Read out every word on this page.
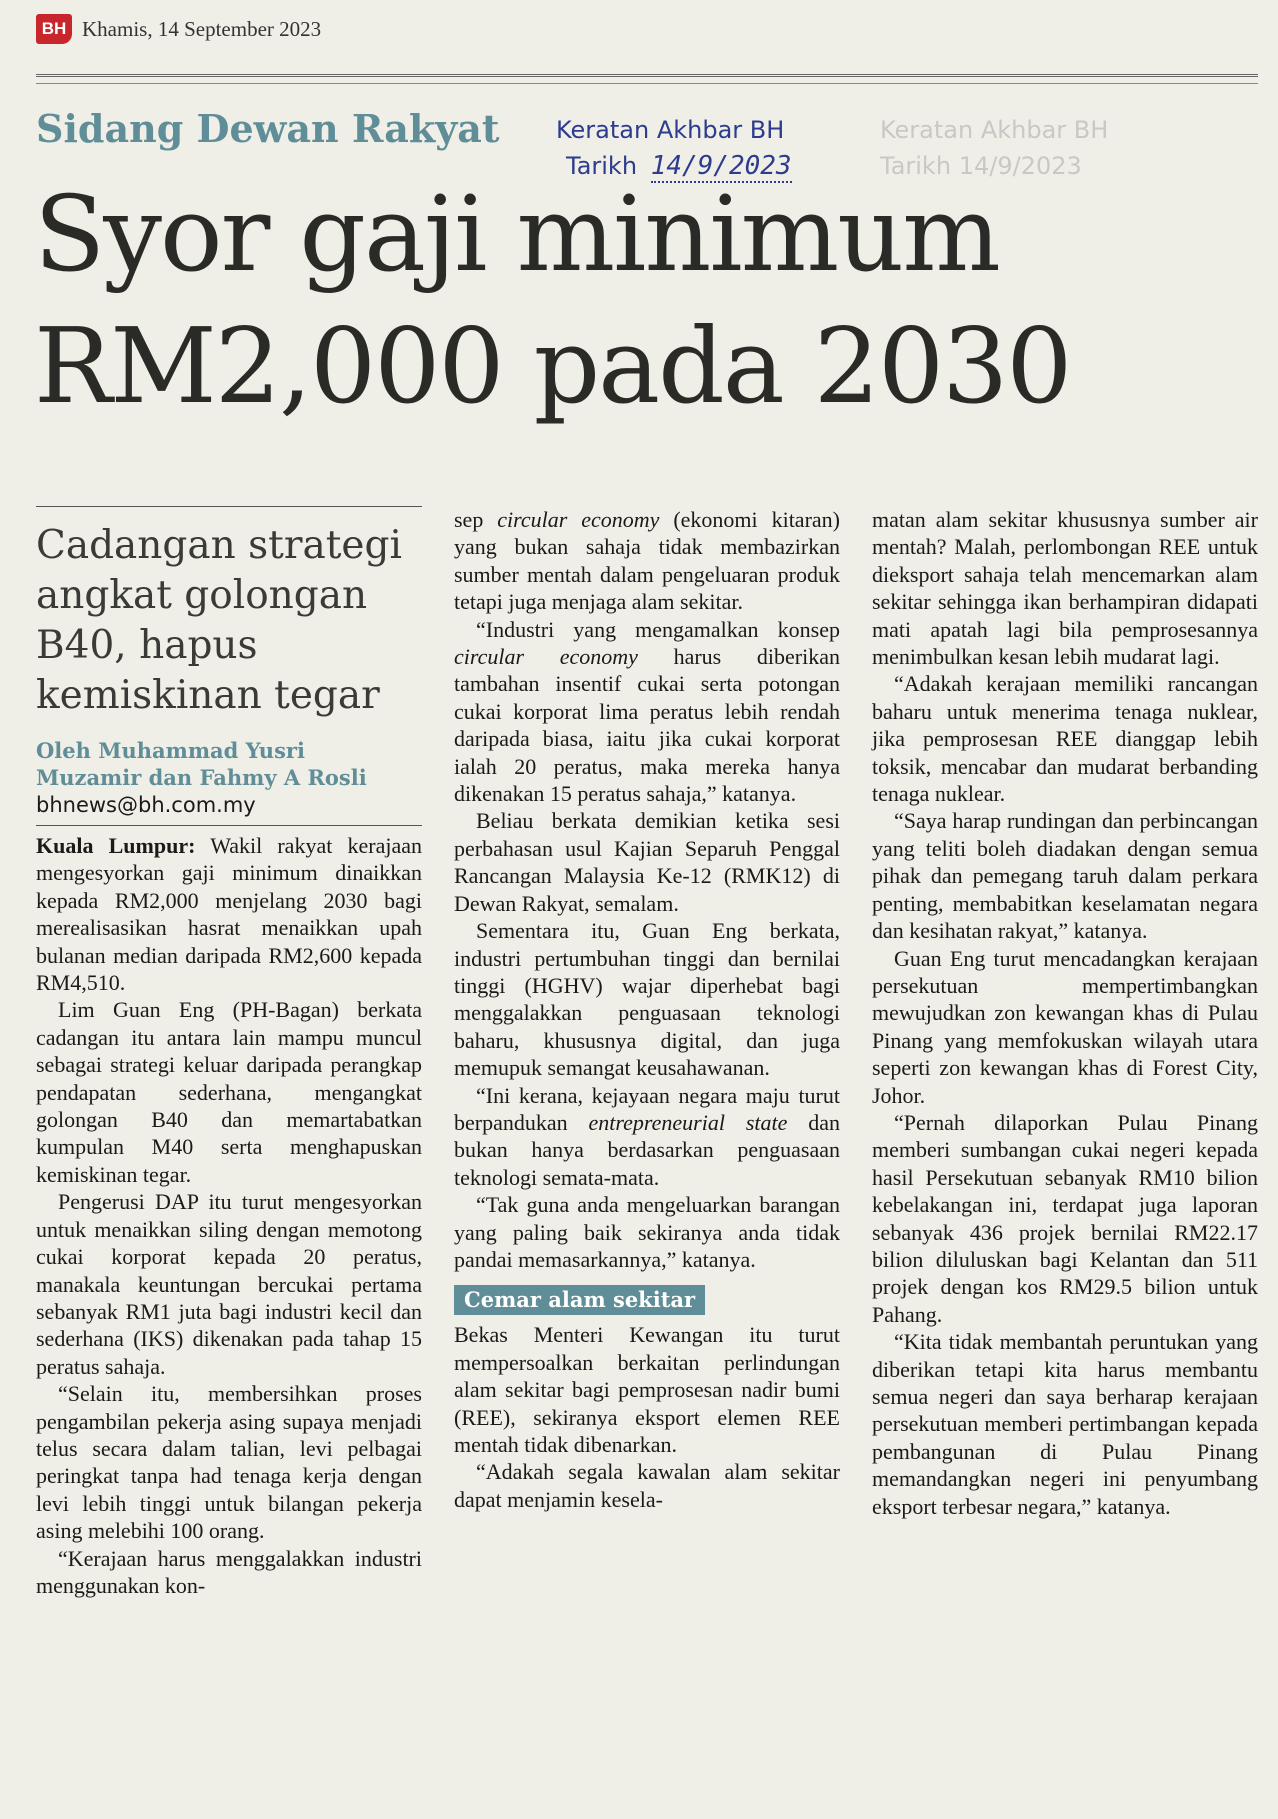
BH Khamis, 14 September 2023
Sidang Dewan Rakyat Keratan Akhbar BH
Tarikh 14/9/2023
Keratan Akhbar BH
Tarikh 14/9/2023
Syor gaji minimum
RM2,000 pada 2030
Cadangan strategi angkat golongan B40, hapus kemiskinan tegar
Oleh Muhammad Yusri
Muzamir dan Fahmy A Rosli
bhnews@bh.com.my

Kuala Lumpur: Wakil rakyat kerajaan mengesyorkan gaji minimum dinaikkan kepada RM2,000 menjelang 2030 bagi merealisasikan hasrat menaikkan upah bulanan median daripada RM2,600 kepada RM4,510.

Lim Guan Eng (PH-Bagan) berkata cadangan itu antara lain mampu muncul sebagai strategi keluar daripada perangkap pendapatan sederhana, mengangkat golongan B40 dan memartabatkan kumpulan M40 serta menghapuskan kemiskinan tegar.

Pengerusi DAP itu turut mengesyorkan untuk menaikkan siling dengan memotong cukai korporat kepada 20 peratus, manakala keuntungan bercukai pertama sebanyak RM1 juta bagi industri kecil dan sederhana (IKS) dikenakan pada tahap 15 peratus sahaja.

“Selain itu, membersihkan proses pengambilan pekerja asing supaya menjadi telus secara dalam talian, levi pelbagai peringkat tanpa had tenaga kerja dengan levi lebih tinggi untuk bilangan pekerja asing melebihi 100 orang.

“Kerajaan harus menggalakkan industri menggunakan kon-

sep circular economy (ekonomi kitaran) yang bukan sahaja tidak membazirkan sumber mentah dalam pengeluaran produk tetapi juga menjaga alam sekitar.

“Industri yang mengamalkan konsep circular economy harus diberikan tambahan insentif cukai serta potongan cukai korporat lima peratus lebih rendah daripada biasa, iaitu jika cukai korporat ialah 20 peratus, maka mereka hanya dikenakan 15 peratus sahaja,” katanya.

Beliau berkata demikian ketika sesi perbahasan usul Kajian Separuh Penggal Rancangan Malaysia Ke-12 (RMK12) di Dewan Rakyat, semalam.

Sementara itu, Guan Eng berkata, industri pertumbuhan tinggi dan bernilai tinggi (HGHV) wajar diperhebat bagi menggalakkan penguasaan teknologi baharu, khususnya digital, dan juga memupuk semangat keusahawanan.

“Ini kerana, kejayaan negara maju turut berpandukan entrepreneurial state dan bukan hanya berdasarkan penguasaan teknologi semata-mata.

“Tak guna anda mengeluarkan barangan yang paling baik sekiranya anda tidak pandai memasarkannya,” katanya.

Cemar alam sekitar

Bekas Menteri Kewangan itu turut mempersoalkan berkaitan perlindungan alam sekitar bagi pemprosesan nadir bumi (REE), sekiranya eksport elemen REE mentah tidak dibenarkan.

“Adakah segala kawalan alam sekitar dapat menjamin kesela-

matan alam sekitar khususnya sumber air mentah? Malah, perlombongan REE untuk dieksport sahaja telah mencemarkan alam sekitar sehingga ikan berhampiran didapati mati apatah lagi bila pemprosesannya menimbulkan kesan lebih mudarat lagi.

“Adakah kerajaan memiliki rancangan baharu untuk menerima tenaga nuklear, jika pemprosesan REE dianggap lebih toksik, mencabar dan mudarat berbanding tenaga nuklear.

“Saya harap rundingan dan perbincangan yang teliti boleh diadakan dengan semua pihak dan pemegang taruh dalam perkara penting, membabitkan keselamatan negara dan kesihatan rakyat,” katanya.

Guan Eng turut mencadangkan kerajaan persekutuan mempertimbangkan mewujudkan zon kewangan khas di Pulau Pinang yang memfokuskan wilayah utara seperti zon kewangan khas di Forest City, Johor.

“Pernah dilaporkan Pulau Pinang memberi sumbangan cukai negeri kepada hasil Persekutuan sebanyak RM10 bilion kebelakangan ini, terdapat juga laporan sebanyak 436 projek bernilai RM22.17 bilion diluluskan bagi Kelantan dan 511 projek dengan kos RM29.5 bilion untuk Pahang.

“Kita tidak membantah peruntukan yang diberikan tetapi kita harus membantu semua negeri dan saya berharap kerajaan persekutuan memberi pertimbangan kepada pembangunan di Pulau Pinang memandangkan negeri ini penyumbang eksport terbesar negara,” katanya.
